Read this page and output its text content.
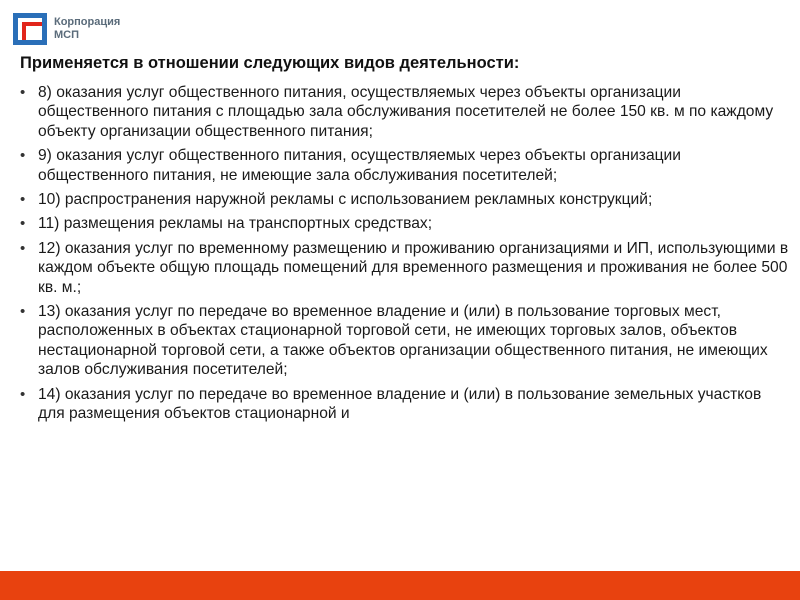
Корпорация
МСП
Применяется в отношении следующих видов деятельности:
• 8) оказания услуг общественного питания, осуществляемых через объекты организации общественного питания с площадью зала обслуживания посетителей не более 150 кв. м по каждому объекту организации общественного питания;
• 9) оказания услуг общественного питания, осуществляемых через объекты организации общественного питания, не имеющие зала обслуживания посетителей;
• 10) распространения наружной рекламы с использованием рекламных конструкций;
• 11) размещения рекламы на транспортных средствах;
• 12) оказания услуг по временному размещению и проживанию организациями и ИП, использующими в каждом объекте общую площадь помещений для временного размещения и проживания не более 500 кв. м.;
• 13) оказания услуг по передаче во временное владение и (или) в пользование торговых мест, расположенных в объектах стационарной торговой сети, не имеющих торговых залов, объектов нестационарной торговой сети, а также объектов организации общественного питания, не имеющих залов обслуживания посетителей;
• 14) оказания услуг по передаче во временное владение и (или) в пользование земельных участков для размещения объектов стационарной и
